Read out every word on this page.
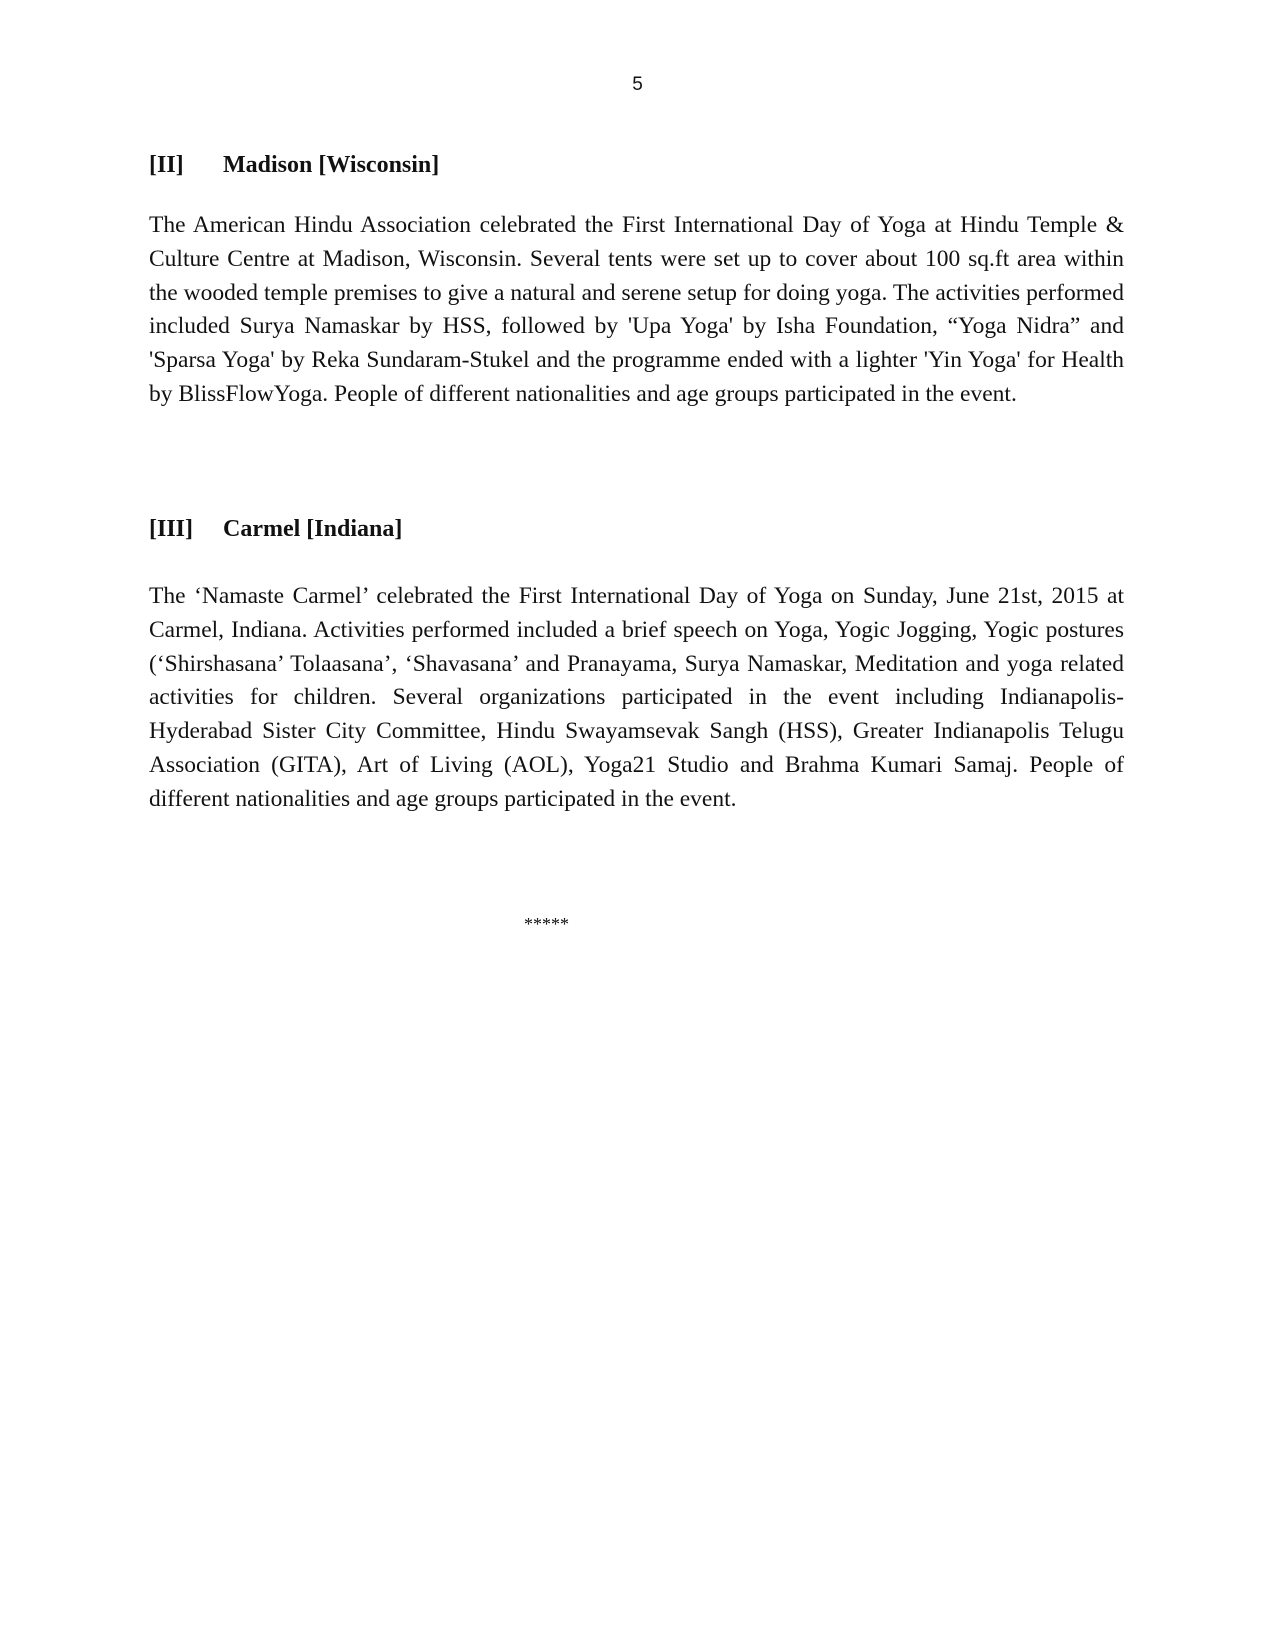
5
[II] Madison [Wisconsin]

The American Hindu Association celebrated the First International Day of Yoga at Hindu Temple & Culture Centre at Madison, Wisconsin. Several tents were set up to cover about 100 sq.ft area within the wooded temple premises to give a natural and serene setup for doing yoga. The activities performed included Surya Namaskar by HSS, followed by 'Upa Yoga' by Isha Foundation, “Yoga Nidra” and 'Sparsa Yoga' by Reka Sundaram-Stukel and the programme ended with a lighter 'Yin Yoga' for Health by BlissFlowYoga. People of different nationalities and age groups participated in the event.

[III] Carmel [Indiana]

The ‘Namaste Carmel’ celebrated the First International Day of Yoga on Sunday, June 21st, 2015 at Carmel, Indiana. Activities performed included a brief speech on Yoga, Yogic Jogging, Yogic postures (‘Shirshasana’ Tolaasana’, ‘Shavasana’ and Pranayama, Surya Namaskar, Meditation and yoga related activities for children. Several organizations participated in the event including Indianapolis-Hyderabad Sister City Committee, Hindu Swayamsevak Sangh (HSS), Greater Indianapolis Telugu Association (GITA), Art of Living (AOL), Yoga21 Studio and Brahma Kumari Samaj. People of different nationalities and age groups participated in the event.

*****
